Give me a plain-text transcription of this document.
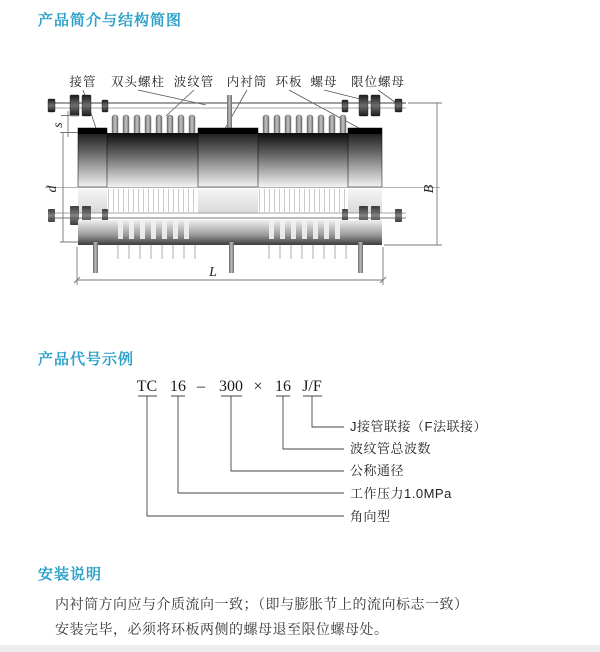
产品简介与结构简图
接管 双头螺柱 波纹管 内衬筒 环板 螺母 限位螺母
s
d	B
L
产品代号示例
TC 16 – 300 × 16 J/F
J接管联接（F法联接）
波纹管总波数
公称通径
工作压力1.0MPa
角向型
安装说明

内衬筒方向应与介质流向一致；（即与膨胀节上的流向标志一致）

安装完毕，必须将环板两侧的螺母退至限位螺母处。
